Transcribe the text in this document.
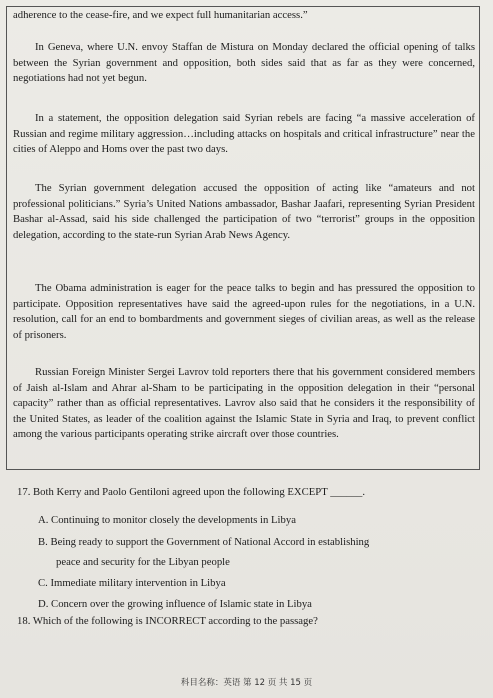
adherence to the cease-fire, and we expect full humanitarian access.”

In Geneva, where U.N. envoy Staffan de Mistura on Monday declared the official opening of talks between the Syrian government and opposition, both sides said that as far as they were concerned, negotiations had not yet begun.

In a statement, the opposition delegation said Syrian rebels are facing “a massive acceleration of Russian and regime military aggression…including attacks on hospitals and critical infrastructure” near the cities of Aleppo and Homs over the past two days.

The Syrian government delegation accused the opposition of acting like “amateurs and not professional politicians.” Syria’s United Nations ambassador, Bashar Jaafari, representing Syrian President Bashar al-Assad, said his side challenged the participation of two “terrorist” groups in the opposition delegation, according to the state-run Syrian Arab News Agency.

The Obama administration is eager for the peace talks to begin and has pressured the opposition to participate. Opposition representatives have said the agreed-upon rules for the negotiations, in a U.N. resolution, call for an end to bombardments and government sieges of civilian areas, as well as the release of prisoners.

Russian Foreign Minister Sergei Lavrov told reporters there that his government considered members of Jaish al-Islam and Ahrar al-Sham to be participating in the opposition delegation in their “personal capacity” rather than as official representatives. Lavrov also said that he considers it the responsibility of the United States, as leader of the coalition against the Islamic State in Syria and Iraq, to prevent conflict among the various participants operating strike aircraft over those countries.

17. Both Kerry and Paolo Gentiloni agreed upon the following EXCEPT ______.
A. Continuing to monitor closely the developments in Libya
B. Being ready to support the Government of National Accord in establishing
peace and security for the Libyan people
C. Immediate military intervention in Libya
D. Concern over the growing influence of Islamic state in Libya
18. Which of the following is INCORRECT according to the passage?
科目名称：英语 第 12 页 共 15 页
